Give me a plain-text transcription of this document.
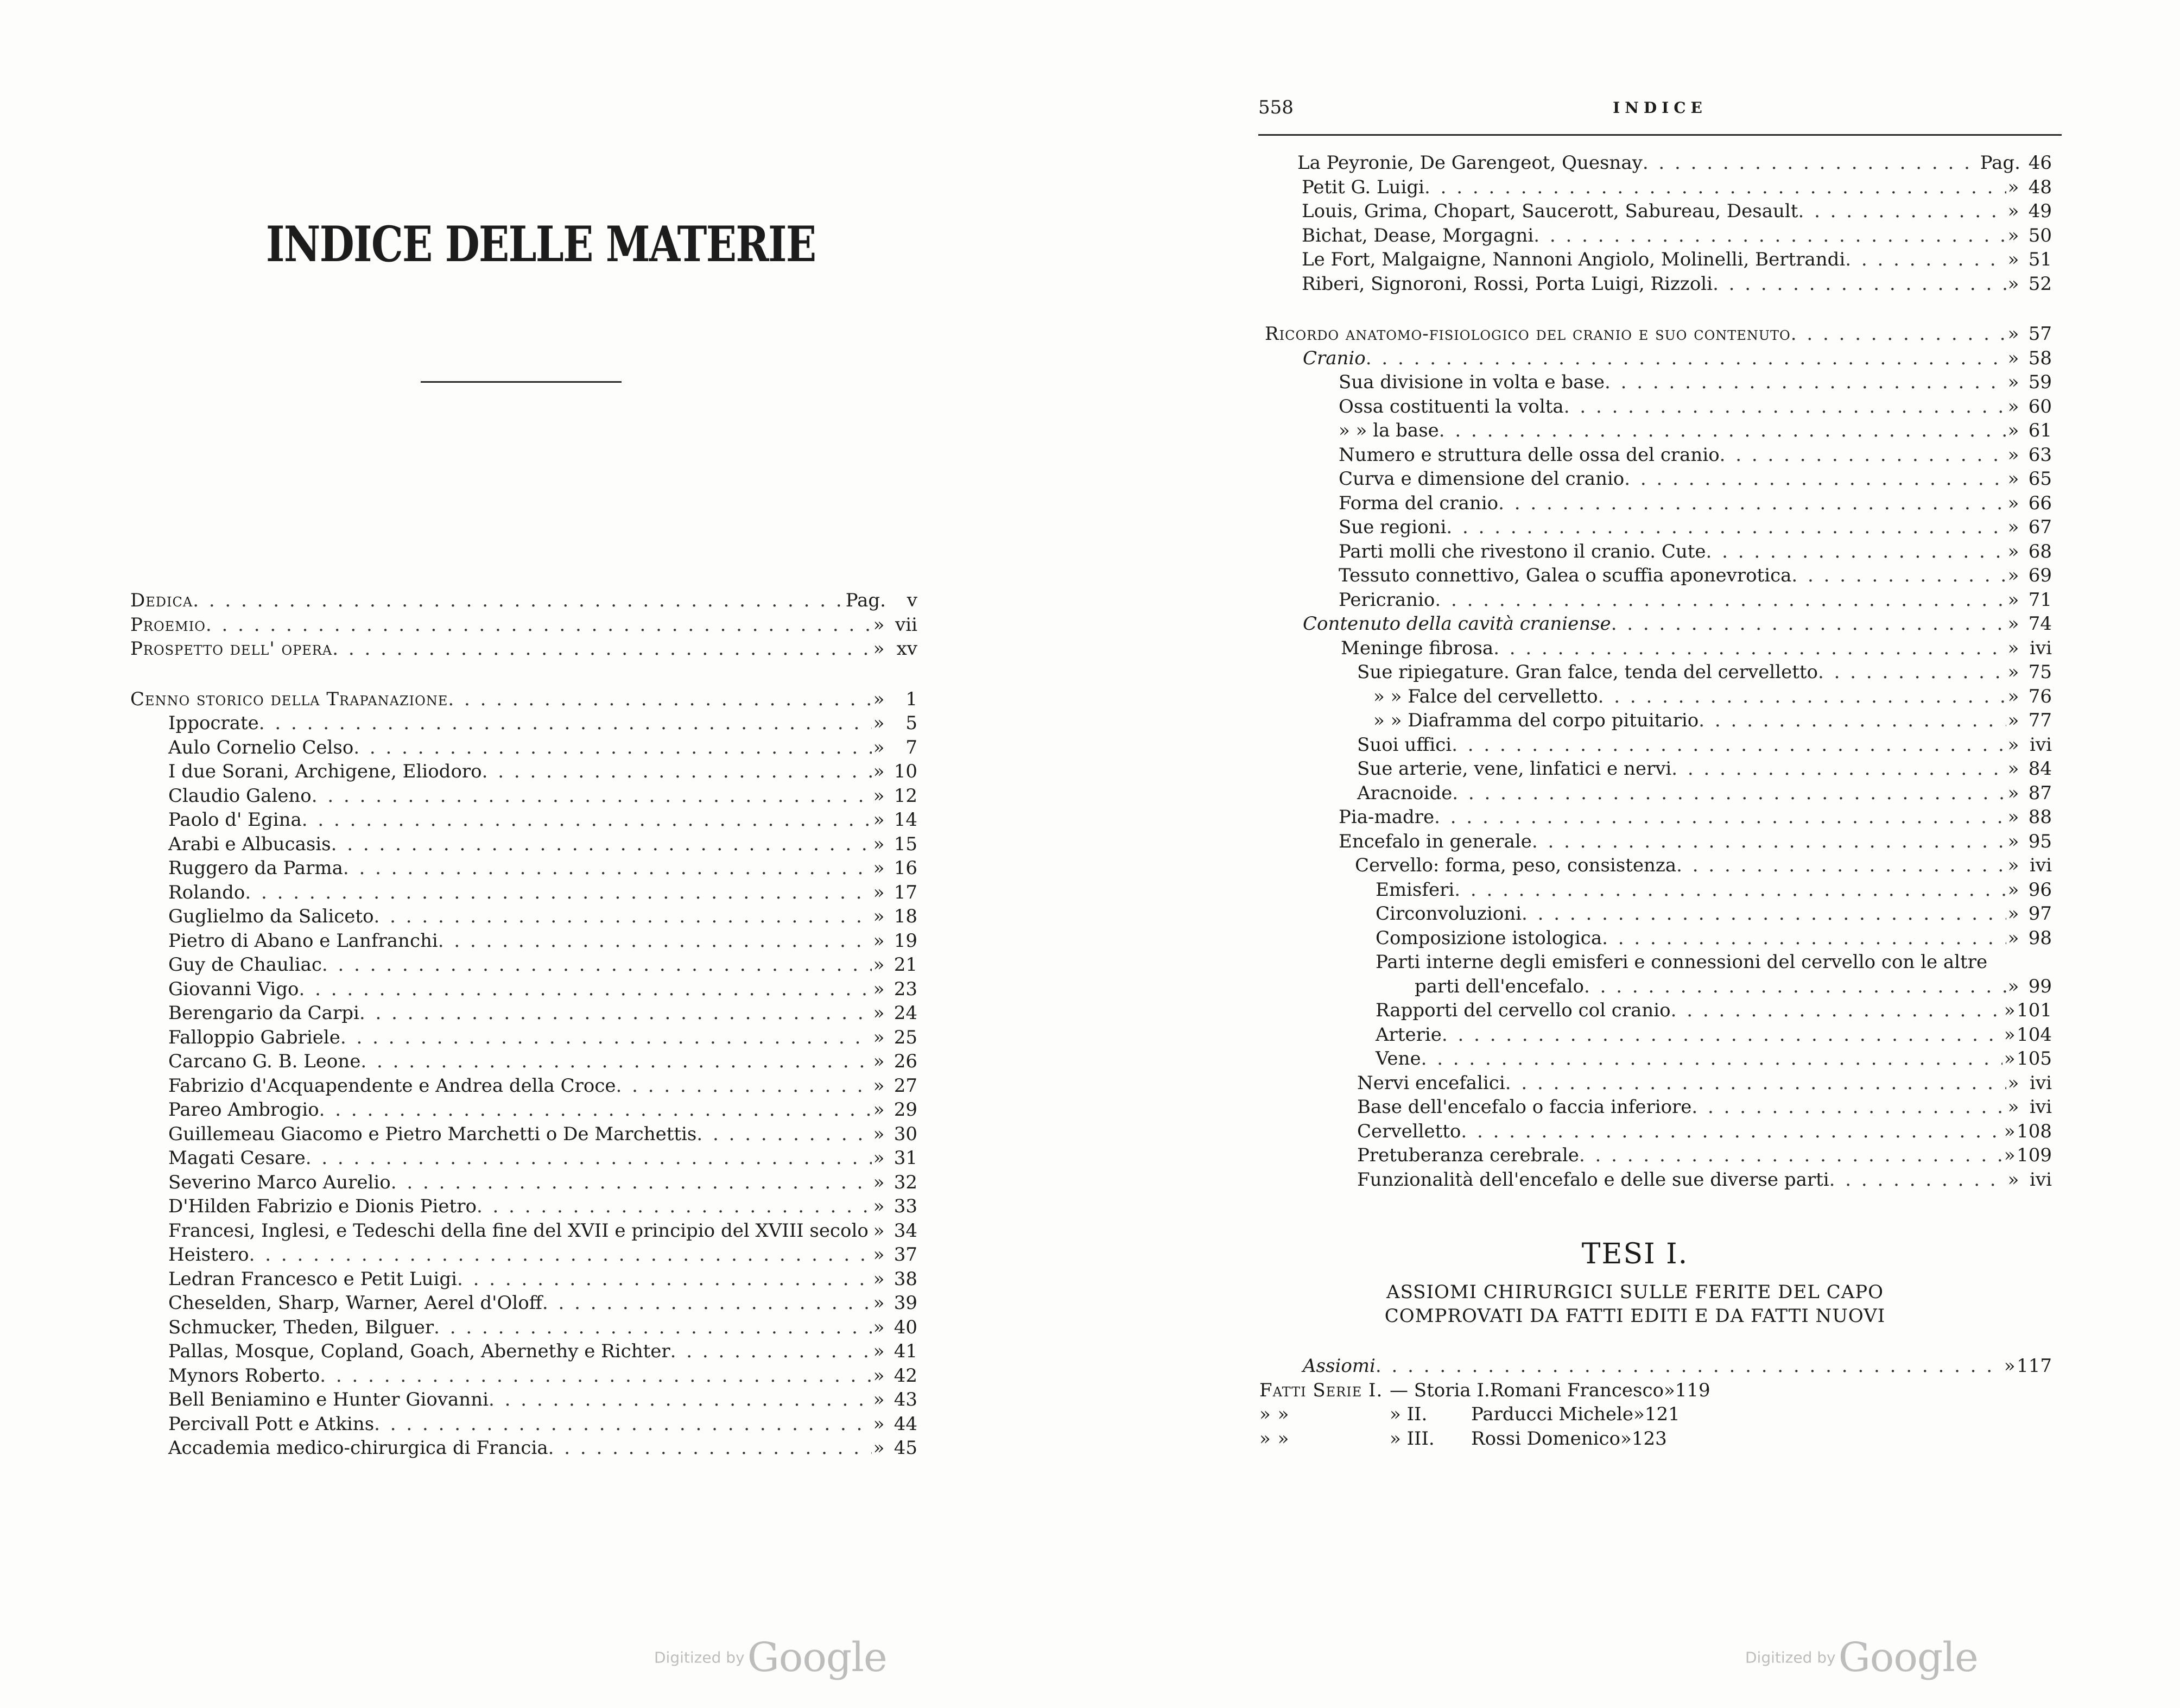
INDICE DELLE MATERIE
Dedica . . .	Pag.	v
Proemio . . .	» vii
Prospetto dell' opera . . .	» xv
Cenno storico della Trapanazione . . .	»	1
Ippocrate . . .	»	5
Aulo Cornelio Celso . . .	»	7
I due Sorani, Archigene, Eliodoro . . .	» 10
Claudio Galeno . . .	» 12
Paolo d' Egina . . .	» 14
Arabi e Albucasis . . .	» 15
Ruggero da Parma . . .	» 16
Rolando . . .	» 17
Guglielmo da Saliceto . . .	» 18
Pietro di Abano e Lanfranchi . . .	» 19
Guy de Chauliac . . .	» 21
Giovanni Vigo . . .	» 23
Berengario da Carpi . . .	» 24
Falloppio Gabriele . . .	» 25
Carcano G. B. Leone . . .	» 26
Fabrizio d'Acquapendente e Andrea della Croce . . .	» 27
Pareo Ambrogio . . .	» 29
Guillemeau Giacomo e Pietro Marchetti o De Marchettis . . .	» 30
Magati Cesare . . .	» 31
Severino Marco Aurelio . . .	» 32
D'Hilden Fabrizio e Dionis Pietro . . .	» 33
Francesi, Inglesi, e Tedeschi della fine del XVII e principio del XVIII secolo » 34
Heistero . . .	» 37
Ledran Francesco e Petit Luigi . . .	» 38
Cheselden, Sharp, Warner, Aerel d'Oloff . . .	» 39
Schmucker, Theden, Bilguer . . .	» 40
Pallas, Mosque, Copland, Goach, Abernethy e Richter . . .	» 41
Mynors Roberto . . .	» 42
Bell Beniamino e Hunter Giovanni . . .	» 43
Percivall Pott e Atkins . . .	» 44
Accademia medico-chirurgica di Francia . . .	» 45
Digitized by Google
558	INDICE
La Peyronie, De Garengeot, Quesnay . . .	Pag. 46
Petit G. Luigi . . .	» 48
Louis, Grima, Chopart, Saucerott, Sabureau, Desault . . .	» 49
Bichat, Dease, Morgagni . . .	» 50
Le Fort, Malgaigne, Nannoni Angiolo, Molinelli, Bertrandi . . .	» 51
Riberi, Signoroni, Rossi, Porta Luigi, Rizzoli . . .	» 52
Ricordo anatomo-fisiologico del cranio e suo contenuto . . .	» 57
Cranio . . .	» 58
Sua divisione in volta e base . . .	» 59
Ossa costituenti la volta . . .	» 60
» » la base . . .	» 61
Numero e struttura delle ossa del cranio . . .	» 63
Curva e dimensione del cranio . . .	» 65
Forma del cranio . . .	» 66
Sue regioni . . .	» 67
Parti molli che rivestono il cranio. Cute . . .	» 68
Tessuto connettivo, Galea o scuffia aponevrotica . . .	» 69
Pericranio . . .	» 71
Contenuto della cavità craniense . . .	» 74
Meninge fibrosa . . .	» ivi
Sue ripiegature. Gran falce, tenda del cervelletto . . .	» 75
» » Falce del cervelletto . . .	» 76
» » Diaframma del corpo pituitario . . .	» 77
Suoi uffici . . .	» ivi
Sue arterie, vene, linfatici e nervi . . .	» 84
Aracnoide . . .	» 87
Pia-madre . . .	» 88
Encefalo in generale . . .	» 95
Cervello: forma, peso, consistenza . . .	» ivi
Emisferi . . .	» 96
Circonvoluzioni . . .	» 97
Composizione istologica . . .	» 98
Parti interne degli emisferi e connessioni del cervello con le altre
parti dell'encefalo . . .	» 99
Rapporti del cervello col cranio . . .	» 101
Arterie . . .	» 104
Vene . . .	» 105
Nervi encefalici . . .	» ivi
Base dell'encefalo o faccia inferiore . . .	» ivi
Cervelletto . . .	» 108
Pretuberanza cerebrale . . .	» 109
Funzionalità dell'encefalo e delle sue diverse parti . . .	» ivi
TESI I.
ASSIOMI CHIRURGICI SULLE FERITE DEL CAPO
COMPROVATI DA FATTI EDITI E DA FATTI NUOVI
Assiomi . . .	» 117
Fatti Serie I. — Storia I. Romani Francesco » 119
» »	» II.	Parducci Michele » 121
» »	» III.	Rossi Domenico » 123
Digitized by Google
